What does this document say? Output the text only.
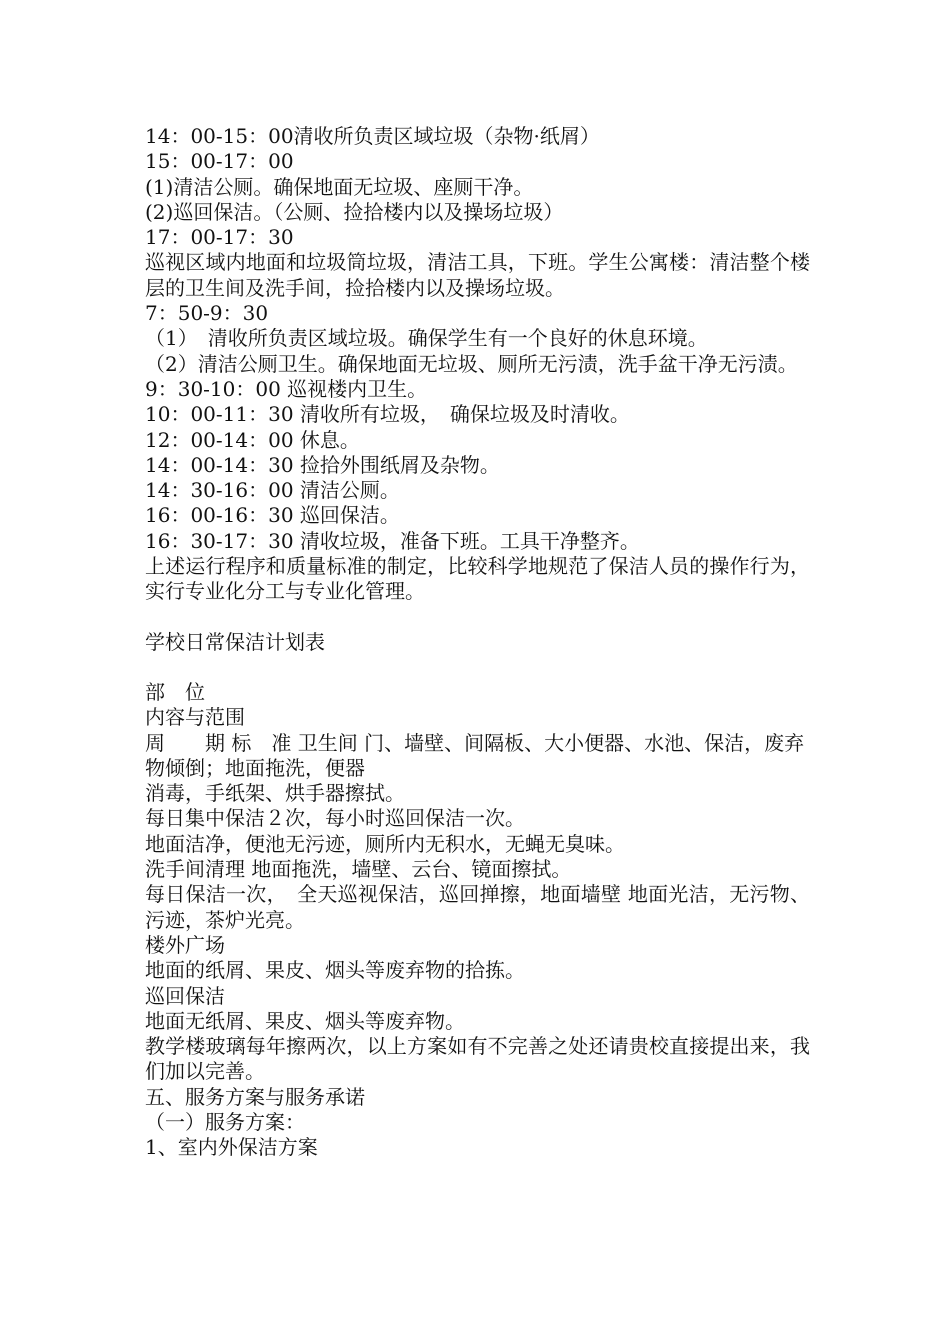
14：00-15：00清收所负责区域垃圾（杂物·纸屑）
15：00-17：00
(1)清洁公厕。确保地面无垃圾、座厕干净。
(2)巡回保洁。（公厕、捡拾楼内以及操场垃圾）
17：00-17：30
巡视区域内地面和垃圾筒垃圾，清洁工具，下班。学生公寓楼：清洁整个楼层的卫生间及洗手间，捡拾楼内以及操场垃圾。
7：50-9：30
（1）　清收所负责区域垃圾。确保学生有一个良好的休息环境。
（2）清洁公厕卫生。确保地面无垃圾、厕所无污渍，洗手盆干净无污渍。
9：30-10：00 巡视楼内卫生。
10：00-11：30 清收所有垃圾，　确保垃圾及时清收。
12：00-14：00 休息。
14：00-14：30 捡拾外围纸屑及杂物。
14：30-16：00 清洁公厕。
16：00-16：30 巡回保洁。
16：30-17：30 清收垃圾，准备下班。工具干净整齐。
上述运行程序和质量标准的制定，比较科学地规范了保洁人员的操作行为，实行专业化分工与专业化管理。
学校日常保洁计划表
部　位
内容与范围
周　　期 标　准 卫生间 门、墙壁、间隔板、大小便器、水池、保洁，废弃
物倾倒；地面拖洗，便器
消毒，手纸架、烘手器擦拭。
每日集中保洁２次，每小时巡回保洁一次。
地面洁净，便池无污迹，厕所内无积水，无蝇无臭味。
洗手间清理 地面拖洗，墙壁、云台、镜面擦拭。
每日保洁一次，　全天巡视保洁，巡回掸擦，地面墙壁 地面光洁，无污物、污迹，茶炉光亮。
楼外广场
地面的纸屑、果皮、烟头等废弃物的拾拣。
巡回保洁
地面无纸屑、果皮、烟头等废弃物。
教学楼玻璃每年擦两次，以上方案如有不完善之处还请贵校直接提出来，我们加以完善。
五、服务方案与服务承诺
（一）服务方案：
1、室内外保洁方案
